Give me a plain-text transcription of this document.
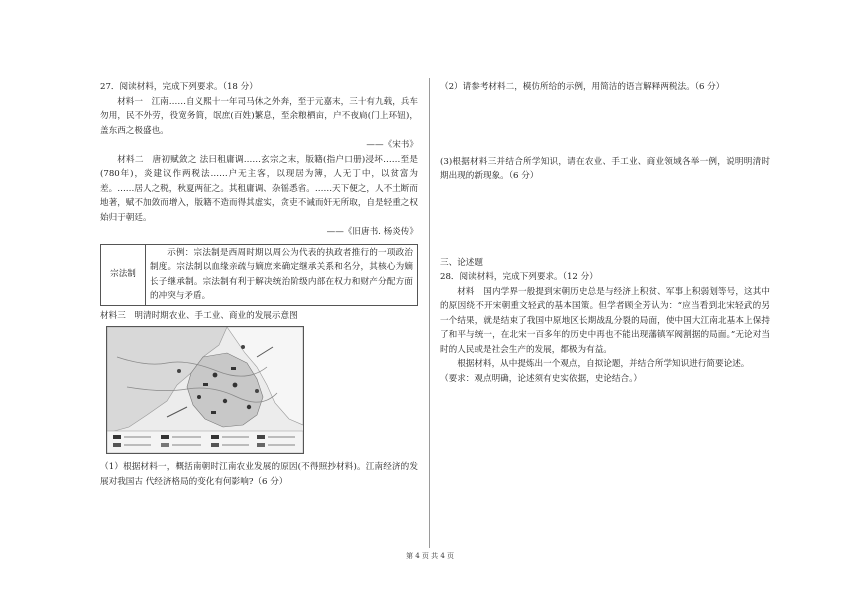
27．阅读材料，完成下列要求。（18 分）

材料一　江南……自义熙十一年司马休之外奔，至于元嘉末，三十有九载，兵车勿用，民不外劳，役宽务简，氓庶(百姓)繁息，至余粮栖亩，户不夜扃(门上环钮)，盖东西之极盛也。

——《宋书》

材料二　唐初赋敛之 法曰租庸调……玄宗之末，版籍(指户口册)浸坏……至是(780年)，炎建议作两税法……户无主客，以现居为簿，人无丁中，以贫富为差。……居人之税，秋夏两征之。其租庸调、杂徭悉省。……天下便之，人不土断而地著，赋不加敛而增入，版籍不造而得其虚实，贪吏不诫而奸无所取，自是轻重之权始归于朝廷。

——《旧唐书. 杨炎传》

宗法制
示例：宗法制是西周时期以周公为代表的执政者推行的一项政治制度。宗法制以血缘亲疏与嫡庶来确定继承关系和名分，其核心为嫡长子继承制。宗法制有利于解决统治阶级内部在权力和财产分配方面的冲突与矛盾。

材料三　明清时期农业、手工业、商业的发展示意图

（1）根据材料一，概括南朝时江南农业发展的原因(不得照抄材料)。江南经济的发展对我国古 代经济格局的变化有何影响?（6 分）

（2）请参考材料二，模仿所给的示例，用简洁的语言解释两税法。（6 分）

(3)根据材料三并结合所学知识，请在农业、手工业、商业领域各举一例，说明明清时期出现的新现象。（6 分）

三、论述题

28．阅读材料，完成下列要求。（12 分）

材料　国内学界一般提到宋朝历史总是与经济上积贫、军事上积弱划等号，这其中的原因绕不开宋朝重文轻武的基本国策。但学者顾全芳认为：“应当看到北宋轻武的另一个结果，就是结束了我国中原地区长期战乱分裂的局面，使中国大江南北基本上保持了和平与统一，在北宋一百多年的历史中再也不能出现藩镇军阀割据的局面。”无论对当时的人民或是社会生产的发展，都极为有益。

根据材料，从中提炼出一个观点，自拟论题，并结合所学知识进行简要论述。

（要求：观点明确，论述须有史实依据，史论结合。）

第 4 页 共 4 页
